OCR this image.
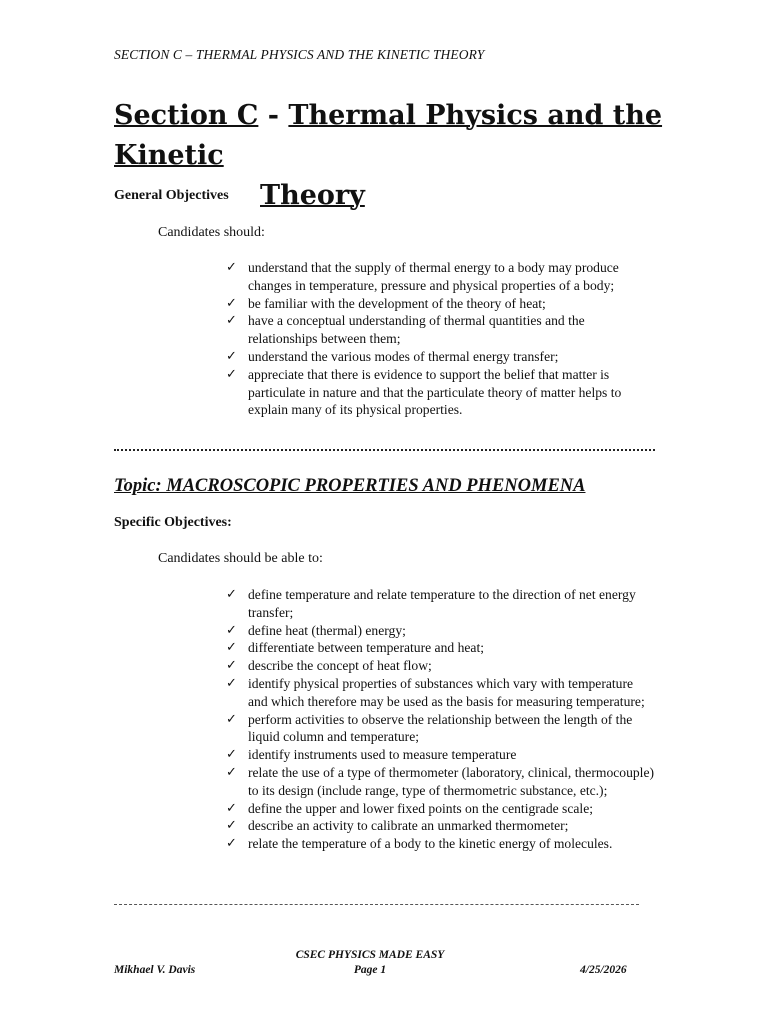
SECTION C – THERMAL PHYSICS AND THE KINETIC THEORY
Section C - Thermal Physics and the Kinetic
Theory
General Objectives
Candidates should:
✓ understand that the supply of thermal energy to a body may produce changes in temperature, pressure and physical properties of a body;
✓ be familiar with the development of the theory of heat;
✓ have a conceptual understanding of thermal quantities and the relationships between them;
✓ understand the various modes of thermal energy transfer;
✓ appreciate that there is evidence to support the belief that matter is particulate in nature and that the particulate theory of matter helps to explain many of its physical properties.
Topic: MACROSCOPIC PROPERTIES AND PHENOMENA
Specific Objectives:
Candidates should be able to:
✓ define temperature and relate temperature to the direction of net energy transfer;
✓ define heat (thermal) energy;
✓ differentiate between temperature and heat;
✓ describe the concept of heat flow;
✓ identify physical properties of substances which vary with temperature and which therefore may be used as the basis for measuring temperature;
✓ perform activities to observe the relationship between the length of the liquid column and temperature;
✓ identify instruments used to measure temperature
✓ relate the use of a type of thermometer (laboratory, clinical, thermocouple) to its design (include range, type of thermometric substance, etc.);
✓ define the upper and lower fixed points on the centigrade scale;
✓ describe an activity to calibrate an unmarked thermometer;
✓ relate the temperature of a body to the kinetic energy of molecules.
CSEC PHYSICS MADE EASY
Mikhael V. Davis	Page 1	4/25/2026
